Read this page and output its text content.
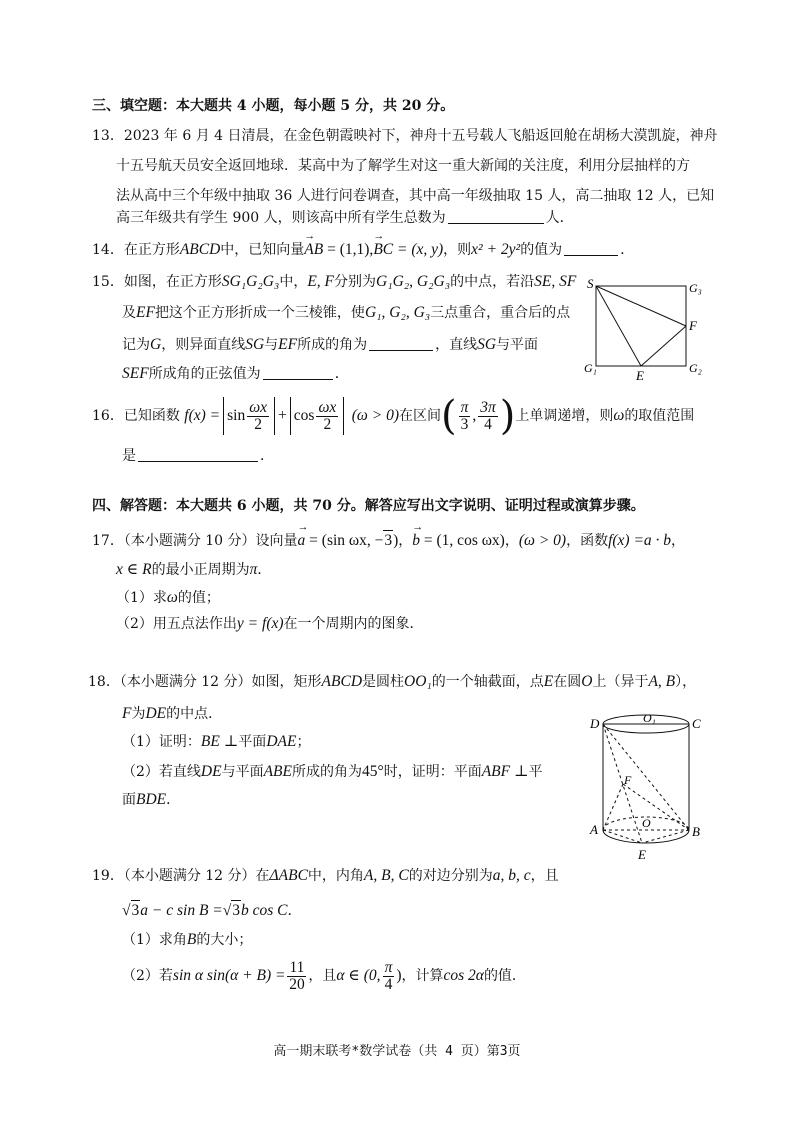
三、填空题：本大题共 4 小题，每小题 5 分，共 20 分。
13．2023 年 6 月 4 日清晨，在金色朝霞映衬下，神舟十五号载人飞船返回舱在胡杨大漠凯旋，神舟
十五号航天员安全返回地球．某高中为了解学生对这一重大新闻的关注度，利用分层抽样的方
法从高中三个年级中抽取 36 人进行问卷调查，其中高一年级抽取 15 人，高二抽取 12 人，已知
高三年级共有学生 900 人，则该高中所有学生总数为	人．
14．在正方形ABCD中，已知向量→ AB = (1,1),→ BC = (x, y)，则x² + 2y²的值为	．
15．如图，在正方形SG₁G₂G₃中，E, F分别为G₁G₂, G₂G₃的中点，若沿SE, SF
及EF把这个正方形折成一个三棱锥，使G₁, G₂, G₃三点重合，重合后的点
记为G，则异面直线SG与EF所成的角为	，直线SG与平面
SEF所成角的正弦值为	．
S	G₃
F
G₁	E	G₂
16．已知函数 $f(x) = \sin \frac{\omega x}{2} + \cos \frac{\omega x}{2} (\omega > 0)$在区间( $\frac{\pi}{3}$ , $\frac{3\pi}{4}$ )上单调递增，则ω的取值范围
是	．
四、解答题：本大题共 6 小题，共 70 分。解答应写出文字说明、证明过程或演算步骤。
17．（本小题满分 10 分）设向量→ a = (sin ωx, −3)，→ b = (1, cos ωx)，(ω > 0)，函数f(x) =a · b，
x ∈ R的最小正周期为π．
（1）求ω的值；
（2）用五点法作出y = f(x)在一个周期内的图象．
18．（本小题满分 12 分）如图，矩形ABCD是圆柱OO₁的一个轴截面，点E在圆O上（异于A, B），
F为DE的中点．
（1）证明：BE ⊥平面DAE；
（2）若直线DE与平面ABE所成的角为45°时，证明：平面ABF ⊥平
面BDE．
D	O₁	C
F
O
A	B
E
19．（本小题满分 12 分）在ΔABC中，内角A, B, C的对边分别为a, b, c，且
√3a − c sin B =√3b cos C．
（1）求角B的大小；
（2）若sin α $\sin(\alpha + B) = \frac{11}{20}$ ，且α ∈ (0, $\frac{\pi}{4}$ )，计算cos 2α的值．
高一期末联考*数学试卷（共 4 页）第3页
